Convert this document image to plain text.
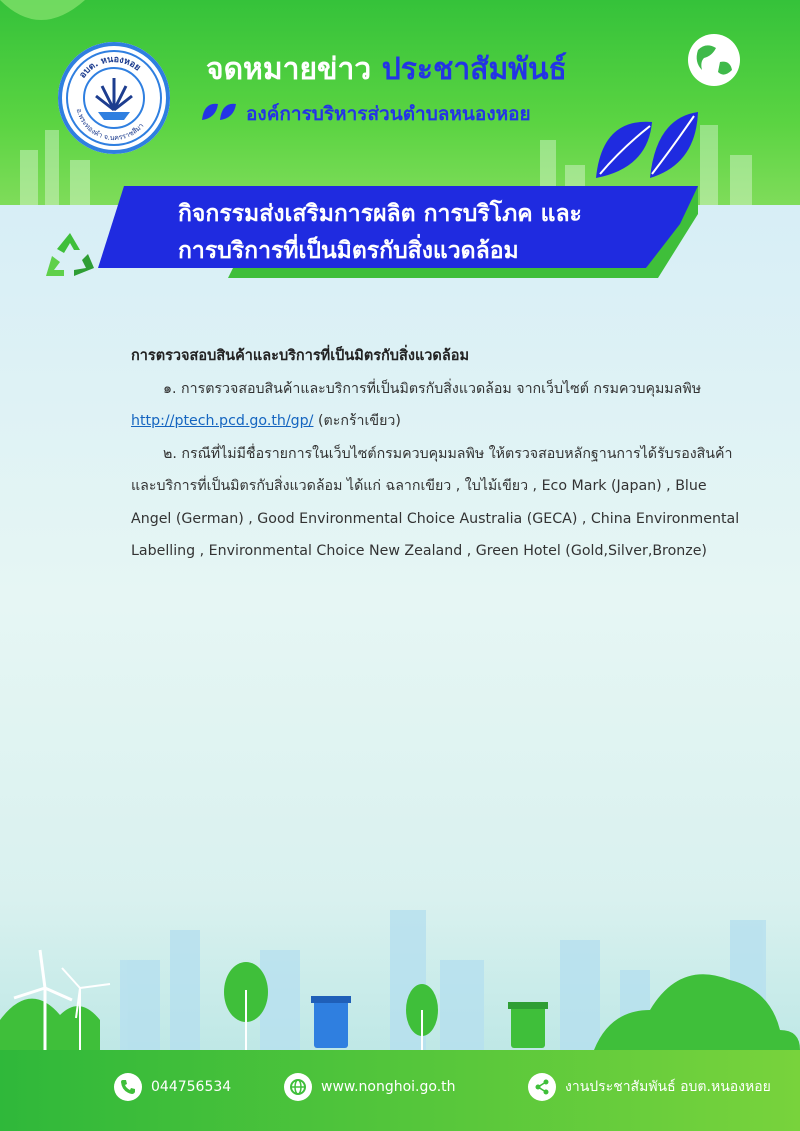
อบต. หนองหอย
อ.พระทองคำ จ.นครราชสีมา
จดหมายข่าว ประชาสัมพันธ์
องค์การบริหารส่วนตำบลหนองหอย
กิจกรรมส่งเสริมการผลิต การบริโภค และ
การบริการที่เป็นมิตรกับสิ่งแวดล้อม

การตรวจสอบสินค้าและบริการที่เป็นมิตรกับสิ่งแวดล้อม

๑. การตรวจสอบสินค้าและบริการที่เป็นมิตรกับสิ่งแวดล้อม จากเว็บไซต์ กรมควบคุมมลพิษ http://ptech.pcd.go.th/gp/ (ตะกร้าเขียว)

๒. กรณีที่ไม่มีชื่อรายการในเว็บไซต์กรมควบคุมมลพิษ ให้ตรวจสอบหลักฐานการได้รับรองสินค้าและบริการที่เป็นมิตรกับสิ่งแวดล้อม ได้แก่ ฉลากเขียว , ใบไม้เขียว , Eco Mark (Japan) , Blue Angel (German) , Good Environmental Choice Australia (GECA) , China Environmental Labelling , Environmental Choice New Zealand , Green Hotel (Gold,Silver,Bronze)

044756534	www.nonghoi.go.th	งานประชาสัมพันธ์ อบต.หนองหอย
